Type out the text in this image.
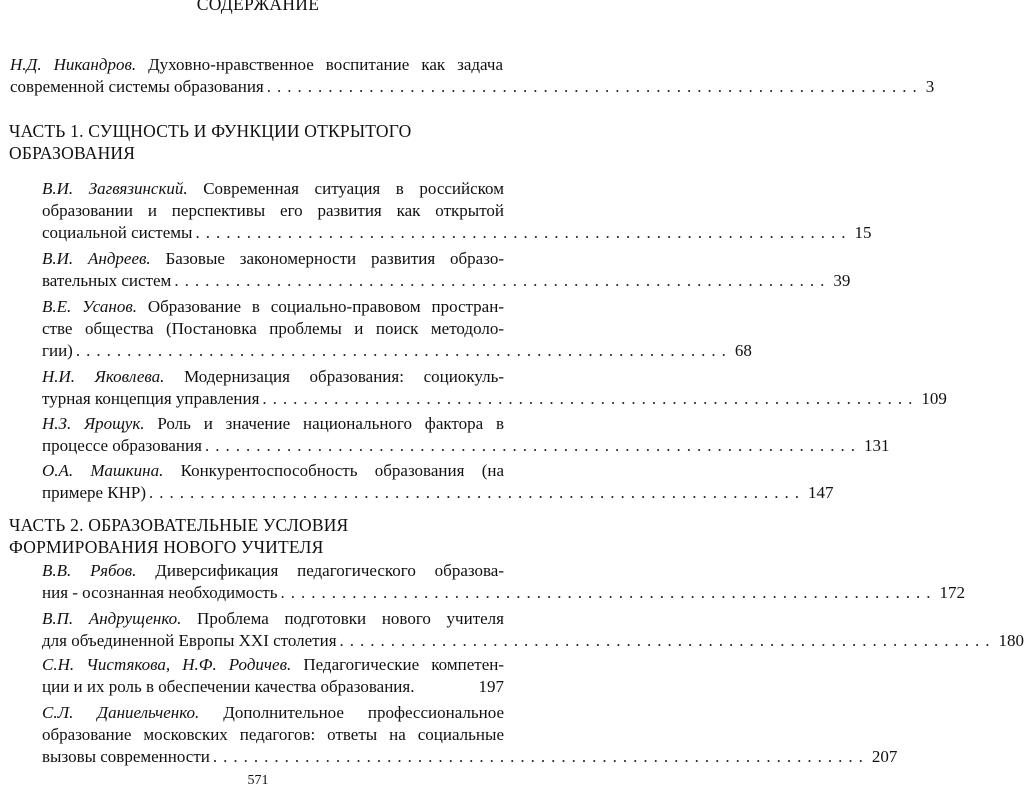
СОДЕРЖАНИЕ
Н.Д. Никандров. Духовно-нравственное воспитание как задача
современной системы образования ................................................................ 3
ЧАСТЬ 1. СУЩНОСТЬ И ФУНКЦИИ ОТКРЫТОГО
ОБРАЗОВАНИЯ
В.И. Загвязинский. Современная ситуация в российском
образовании и перспективы его развития как открытой
социальной системы ................................................................ 15
В.И. Андреев. Базовые закономерности развития образо-
вательных систем ................................................................ 39
В.Е. Усанов. Образование в социально-правовом простран-
стве общества (Постановка проблемы и поиск методоло-
гии) ................................................................ 68
Н.И. Яковлева. Модернизация образования: социокуль-
турная концепция управления ................................................................ 109
Н.З. Ярощук. Роль и значение национального фактора в
процессе образования ................................................................ 131
О.А. Машкина. Конкурентоспособность образования (на
примере КНР) ................................................................ 147
ЧАСТЬ 2. ОБРАЗОВАТЕЛЬНЫЕ УСЛОВИЯ
ФОРМИРОВАНИЯ НОВОГО УЧИТЕЛЯ
В.В. Рябов. Диверсификация педагогического образова-
ния - осознанная необходимость ................................................................ 172
В.П. Андрущенко. Проблема подготовки нового учителя
для объединенной Европы XXI столетия ................................................................ 180
С.Н. Чистякова, Н.Ф. Родичев. Педагогические компетен-
ции и их роль в обеспечении качества образования.	197
С.Л. Даниельченко. Дополнительное профессиональное
образование московских педагогов: ответы на социальные
вызовы современности ................................................................ 207
571
